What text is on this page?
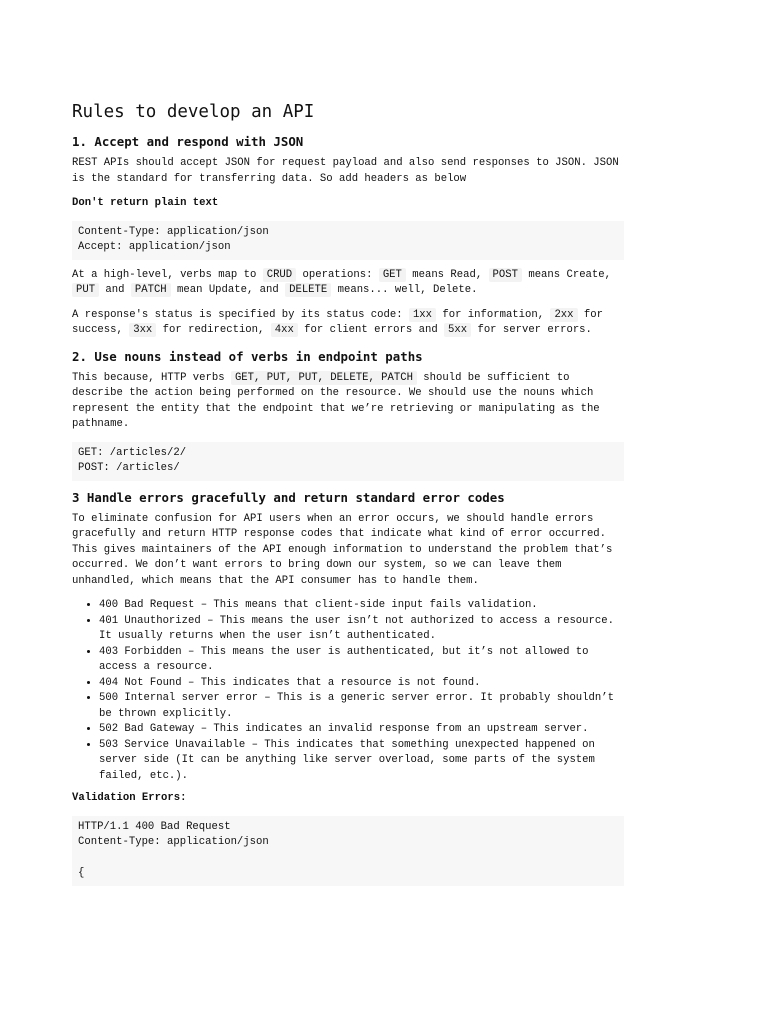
Rules to develop an API
1. Accept and respond with JSON

REST APIs should accept JSON for request payload and also send responses to JSON. JSON is the standard for transferring data. So add headers as below

Don't return plain text
Content-Type: application/json
Accept: application/json

At a high-level, verbs map to CRUD operations: GET means Read, POST means Create, PUT and PATCH mean Update, and DELETE means... well, Delete.

A response's status is specified by its status code: 1xx for information, 2xx for success, 3xx for redirection, 4xx for client errors and 5xx for server errors.

2. Use nouns instead of verbs in endpoint paths

This because, HTTP verbs GET, PUT, PUT, DELETE, PATCH should be sufficient to describe the action being performed on the resource. We should use the nouns which represent the entity that the endpoint that we’re retrieving or manipulating as the pathname.

GET: /articles/2/
POST: /articles/
3 Handle errors gracefully and return standard error codes

To eliminate confusion for API users when an error occurs, we should handle errors gracefully and return HTTP response codes that indicate what kind of error occurred. This gives maintainers of the API enough information to understand the problem that’s occurred. We don’t want errors to bring down our system, so we can leave them unhandled, which means that the API consumer has to handle them.

• 400 Bad Request – This means that client-side input fails validation.
• 401 Unauthorized – This means the user isn’t not authorized to access a resource. It usually returns when the user isn’t authenticated.
• 403 Forbidden – This means the user is authenticated, but it’s not allowed to access a resource.
• 404 Not Found – This indicates that a resource is not found.
• 500 Internal server error – This is a generic server error. It probably shouldn’t be thrown explicitly.
• 502 Bad Gateway – This indicates an invalid response from an upstream server.
• 503 Service Unavailable – This indicates that something unexpected happened on server side (It can be anything like server overload, some parts of the system failed, etc.).
Validation Errors:
HTTP/1.1 400 Bad Request
Content-Type: application/json
{
